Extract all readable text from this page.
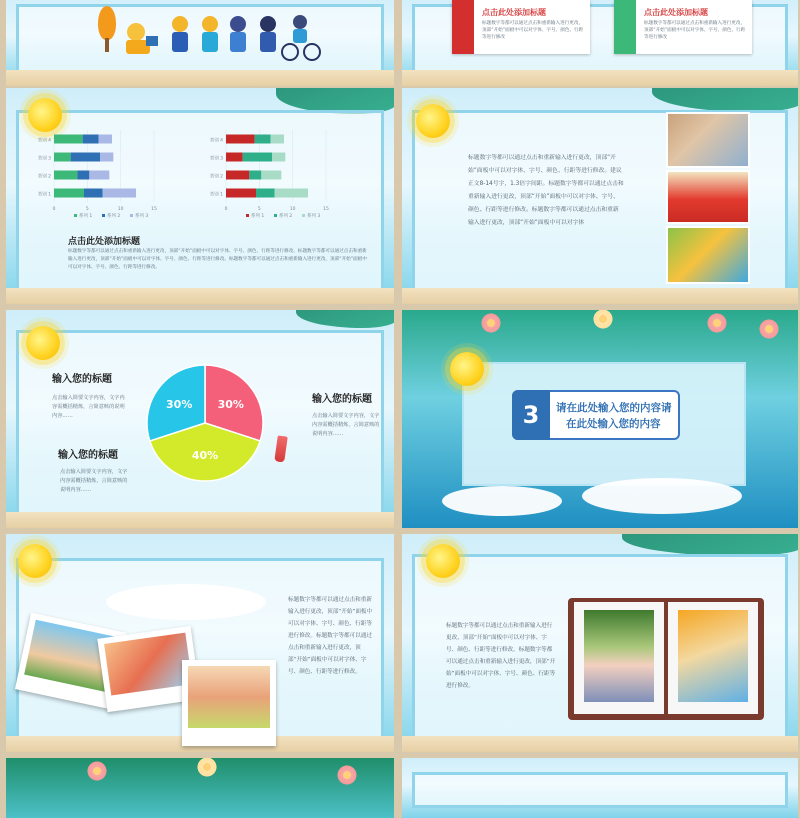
点击此处添加标题
标题数字等都可以通过点击和重新输入进行更改，顶部“开始”面板中可以对字体、字号、颜色、行距等进行修改
点击此处添加标题
标题数字等都可以通过点击和重新输入进行更改，顶部“开始”面板中可以对字体、字号、颜色、行距等进行修改
0	5	10	15
类别 4
类别 3
类别 2
类别 1
系列 1	系列 2	系列 3
0	5	10	15
类别 4
类别 3
类别 2
类别 1
系列 1	系列 2	系列 3
点击此处添加标题
标题数字等都可以通过点击和重新输入进行更改，顶部“开始”面板中可以对字体、字号、颜色、行距等进行修改。标题数字等都可以通过点击和重新输入进行更改，顶部“开始”面板中可以对字体、字号、颜色、行距等进行修改。标题数字等都可以通过点击和重新输入进行更改，顶部“开始”面板中可以对字体、字号、颜色、行距等进行修改。
标题数字等都可以通过点击和重新输入进行更改，顶部“开始”面板中可以对字体、字号、颜色、行距等进行修改。建议正文8-14号字，1.3倍字间距。标题数字等都可以通过点击和重新输入进行更改，顶部“开始”面板中可以对字体、字号、颜色、行距等进行修改。标题数字等都可以通过点击和重新输入进行更改，顶部“开始”面板中可以对字体
输入您的标题
点击输入简要文字内容，文字内容需概括精炼，言简意赅的说明内容……
输入您的标题
点击输入简要文字内容，文字内容需概括精炼，言简意赅的说明内容……
30%
40%
30%	输入您的标题
点击输入简要文字内容，文字内容需概括精炼，言简意赅的说明内容……
3	请在此处输入您的内容请
在此处输入您的内容
标题数字等都可以通过点击和重新输入进行更改，顶部“开始”面板中可以对字体、字号、颜色、行距等进行修改。标题数字等都可以通过点击和重新输入进行更改，顶部“开始”面板中可以对字体、字号、颜色、行距等进行修改。
标题数字等都可以通过点击和重新输入进行更改，顶部“开始”面板中可以对字体、字号、颜色、行距等进行修改。标题数字等都可以通过点击和重新输入进行更改，顶部“开始”面板中可以对字体、字号、颜色、行距等进行修改。
